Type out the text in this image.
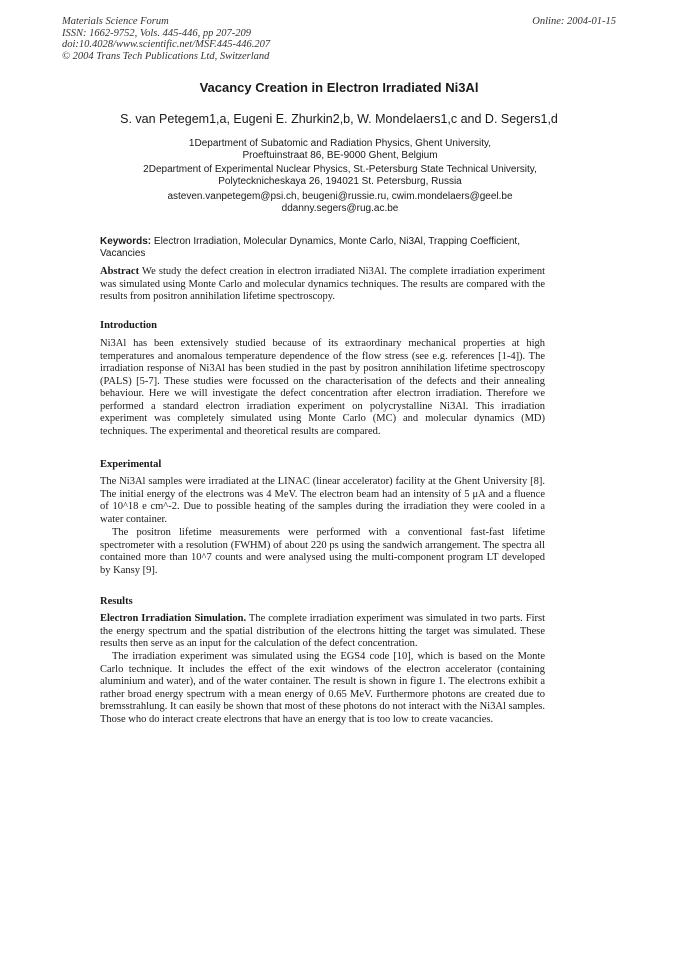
Materials Science Forum
ISSN: 1662-9752, Vols. 445-446, pp 207-209
doi:10.4028/www.scientific.net/MSF.445-446.207
© 2004 Trans Tech Publications Ltd, Switzerland
Online: 2004-01-15
Vacancy Creation in Electron Irradiated Ni3Al
S. van Petegem1,a, Eugeni E. Zhurkin2,b, W. Mondelaers1,c and D. Segers1,d
1Department of Subatomic and Radiation Physics, Ghent University,
Proeftuinstraat 86, BE-9000 Ghent, Belgium
2Department of Experimental Nuclear Physics, St.-Petersburg State Technical University,
Polytecknicheskaya 26, 194021 St. Petersburg, Russia
asteven.vanpetegem@psi.ch, beugeni@russie.ru, cwim.mondelaers@geel.be
ddanny.segers@rug.ac.be
Keywords: Electron Irradiation, Molecular Dynamics, Monte Carlo, Ni3Al, Trapping Coefficient, Vacancies
Abstract We study the defect creation in electron irradiated Ni3Al. The complete irradiation experiment was simulated using Monte Carlo and molecular dynamics techniques. The results are compared with the results from positron annihilation lifetime spectroscopy.
Introduction
Ni3Al has been extensively studied because of its extraordinary mechanical properties at high temperatures and anomalous temperature dependence of the flow stress (see e.g. references [1-4]). The irradiation response of Ni3Al has been studied in the past by positron annihilation lifetime spectroscopy (PALS) [5-7]. These studies were focussed on the characterisation of the defects and their annealing behaviour. Here we will investigate the defect concentration after electron irradiation. Therefore we performed a standard electron irradiation experiment on polycrystalline Ni3Al. This irradiation experiment was completely simulated using Monte Carlo (MC) and molecular dynamics (MD) techniques. The experimental and theoretical results are compared.
Experimental
The Ni3Al samples were irradiated at the LINAC (linear accelerator) facility at the Ghent University [8]. The initial energy of the electrons was 4 MeV. The electron beam had an intensity of 5 μA and a fluence of 10^18 e cm^-2. Due to possible heating of the samples during the irradiation they were cooled in a water container.
The positron lifetime measurements were performed with a conventional fast-fast lifetime spectrometer with a resolution (FWHM) of about 220 ps using the sandwich arrangement. The spectra all contained more than 10^7 counts and were analysed using the multi-component program LT developed by Kansy [9].
Results
Electron Irradiation Simulation. The complete irradiation experiment was simulated in two parts. First the energy spectrum and the spatial distribution of the electrons hitting the target was simulated. These results then serve as an input for the calculation of the defect concentration.
The irradiation experiment was simulated using the EGS4 code [10], which is based on the Monte Carlo technique. It includes the effect of the exit windows of the electron accelerator (containing aluminium and water), and of the water container. The result is shown in figure 1. The electrons exhibit a rather broad energy spectrum with a mean energy of 0.65 MeV. Furthermore photons are created due to bremsstrahlung. It can easily be shown that most of these photons do not interact with the Ni3Al samples. Those who do interact create electrons that have an energy that is too low to create vacancies.
